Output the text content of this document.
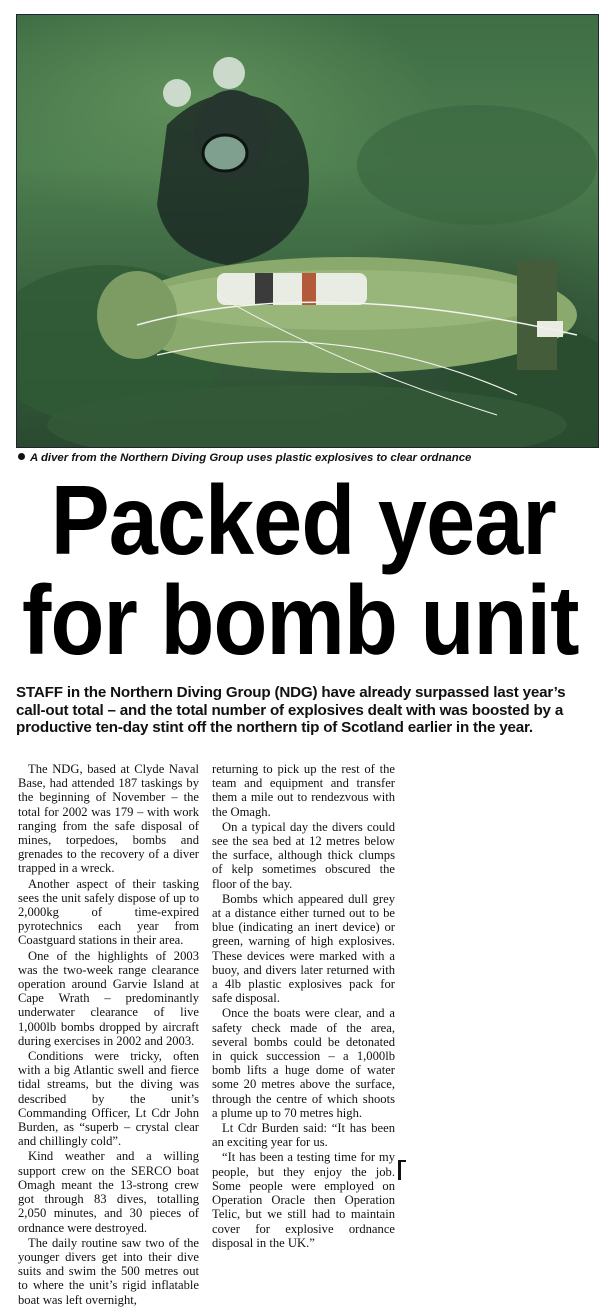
A diver from the Northern Diving Group uses plastic explosives to clear ordnance
Packed year
for bomb unit
STAFF in the Northern Diving Group (NDG) have already surpassed last year’s call-out total – and the total number of explosives dealt with was boosted by a productive ten-day stint off the northern tip of Scotland earlier in the year.

The NDG, based at Clyde Naval Base, had attended 187 taskings by the beginning of November – the total for 2002 was 179 – with work ranging from the safe disposal of mines, torpedoes, bombs and grenades to the recovery of a diver trapped in a wreck.

Another aspect of their tasking sees the unit safely dispose of up to 2,000kg of time-expired pyrotechnics each year from Coastguard stations in their area.

One of the highlights of 2003 was the two-week range clearance operation around Garvie Island at Cape Wrath – predominantly underwater clearance of live 1,000lb bombs dropped by aircraft during exercises in 2002 and 2003.

Conditions were tricky, often with a big Atlantic swell and fierce tidal streams, but the diving was described by the unit’s Commanding Officer, Lt Cdr John Burden, as “superb – crystal clear and chillingly cold”.

Kind weather and a willing support crew on the SERCO boat Omagh meant the 13-strong crew got through 83 dives, totalling 2,050 minutes, and 30 pieces of ordnance were destroyed.

The daily routine saw two of the younger divers get into their dive suits and swim the 500 metres out to where the unit’s rigid inflatable boat was left overnight,

returning to pick up the rest of the team and equipment and transfer them a mile out to rendezvous with the Omagh.

On a typical day the divers could see the sea bed at 12 metres below the surface, although thick clumps of kelp sometimes obscured the floor of the bay.

Bombs which appeared dull grey at a distance either turned out to be blue (indicating an inert device) or green, warning of high explosives. These devices were marked with a buoy, and divers later returned with a 4lb plastic explosives pack for safe disposal.

Once the boats were clear, and a safety check made of the area, several bombs could be detonated in quick succession – a 1,000lb bomb lifts a huge dome of water some 20 metres above the surface, through the centre of which shoots a plume up to 70 metres high.

Lt Cdr Burden said: “It has been an exciting year for us.

“It has been a testing time for my people, but they enjoy the job. Some people were employed on Operation Oracle then Operation Telic, but we still had to maintain cover for explosive ordnance disposal in the UK.”
